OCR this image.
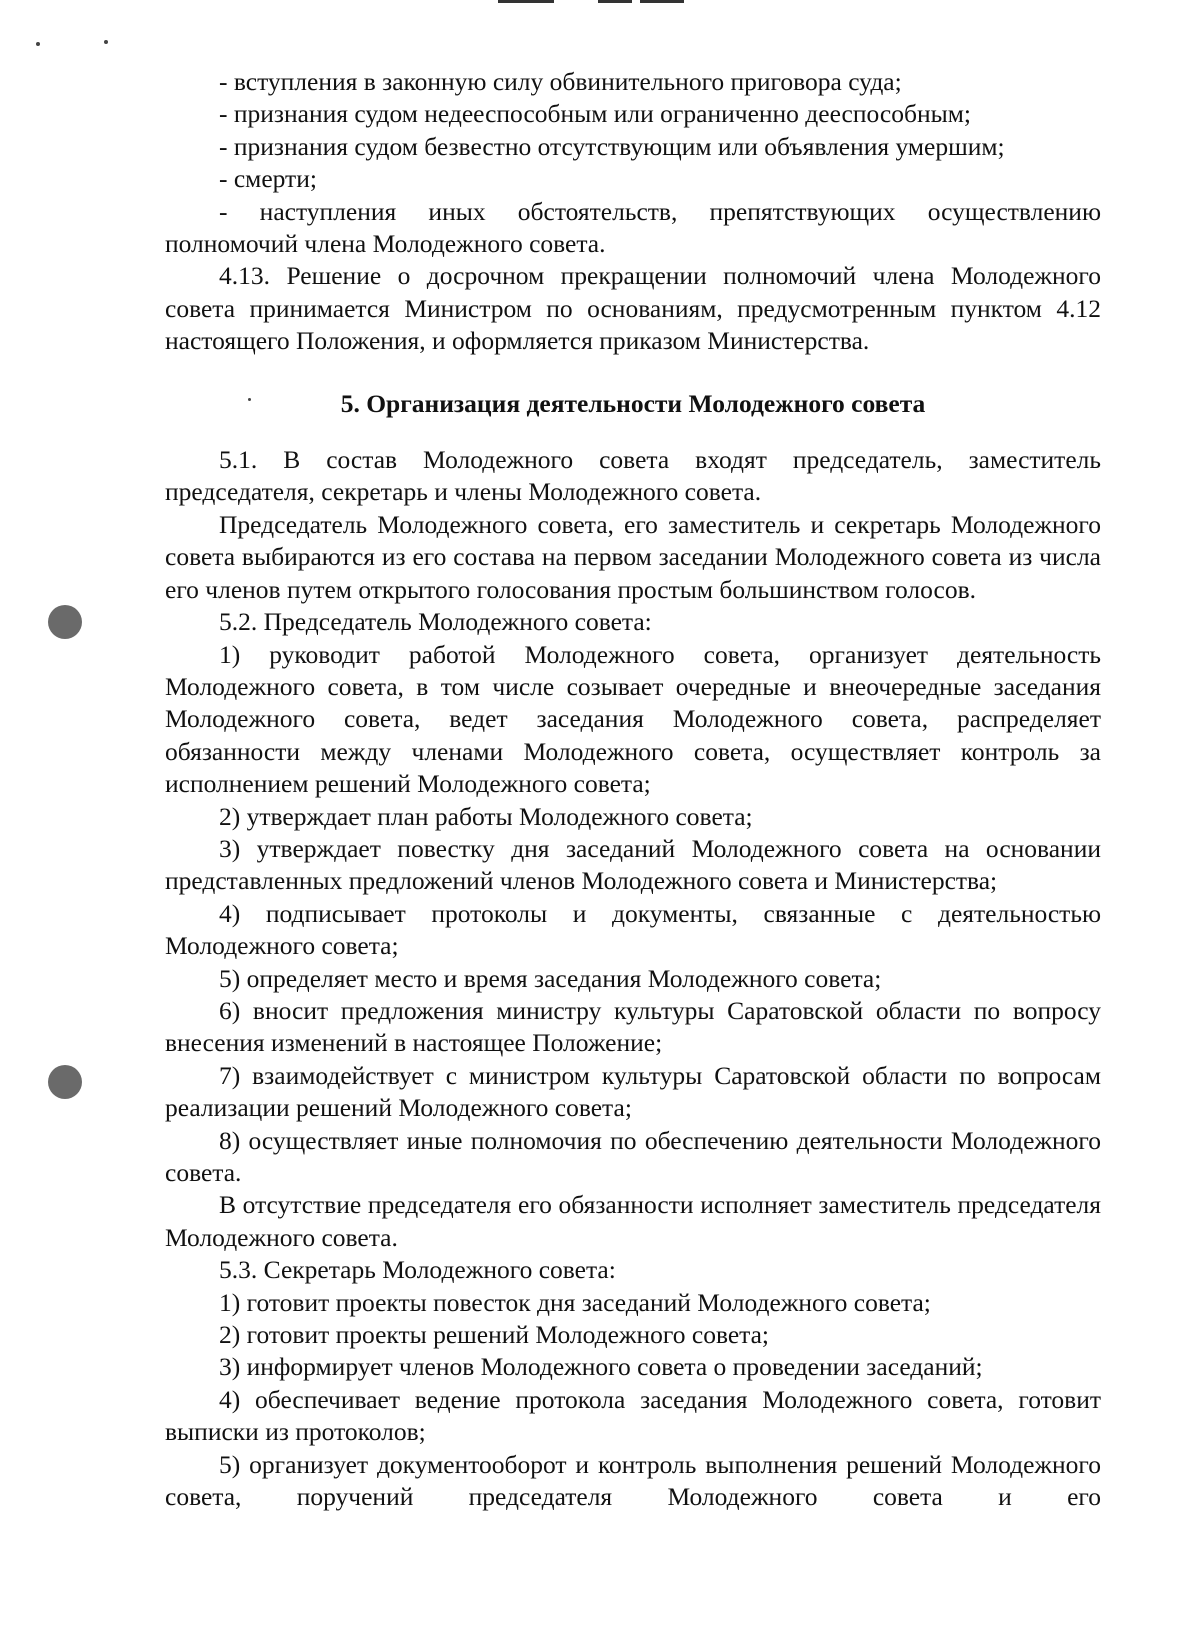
- вступления в законную силу обвинительного приговора суда;

- признания судом недееспособным или ограниченно дееспособным;

- признания судом безвестно отсутствующим или объявления умершим;

- смерти;

- наступления иных обстоятельств, препятствующих осуществлению полномочий члена Молодежного совета.

4.13. Решение о досрочном прекращении полномочий члена Молодежного совета принимается Министром по основаниям, предусмотренным пунктом 4.12 настоящего Положения, и оформляется приказом Министерства.

5. Организация деятельности Молодежного совета

5.1. В состав Молодежного совета входят председатель, заместитель председателя, секретарь и члены Молодежного совета.

Председатель Молодежного совета, его заместитель и секретарь Молодежного совета выбираются из его состава на первом заседании Молодежного совета из числа его членов путем открытого голосования простым большинством голосов.

5.2. Председатель Молодежного совета:

1) руководит работой Молодежного совета, организует деятельность Молодежного совета, в том числе созывает очередные и внеочередные заседания Молодежного совета, ведет заседания Молодежного совета, распределяет обязанности между членами Молодежного совета, осуществляет контроль за исполнением решений Молодежного совета;

2) утверждает план работы Молодежного совета;

3) утверждает повестку дня заседаний Молодежного совета на основании представленных предложений членов Молодежного совета и Министерства;

4) подписывает протоколы и документы, связанные с деятельностью Молодежного совета;

5) определяет место и время заседания Молодежного совета;

6) вносит предложения министру культуры Саратовской области по вопросу внесения изменений в настоящее Положение;

7) взаимодействует с министром культуры Саратовской области по вопросам реализации решений Молодежного совета;

8) осуществляет иные полномочия по обеспечению деятельности Молодежного совета.

В отсутствие председателя его обязанности исполняет заместитель председателя Молодежного совета.

5.3. Секретарь Молодежного совета:

1) готовит проекты повесток дня заседаний Молодежного совета;

2) готовит проекты решений Молодежного совета;

3) информирует членов Молодежного совета о проведении заседаний;

4) обеспечивает ведение протокола заседания Молодежного совета, готовит выписки из протоколов;

5) организует документооборот и контроль выполнения решений Молодежного совета, поручений председателя Молодежного совета и его
